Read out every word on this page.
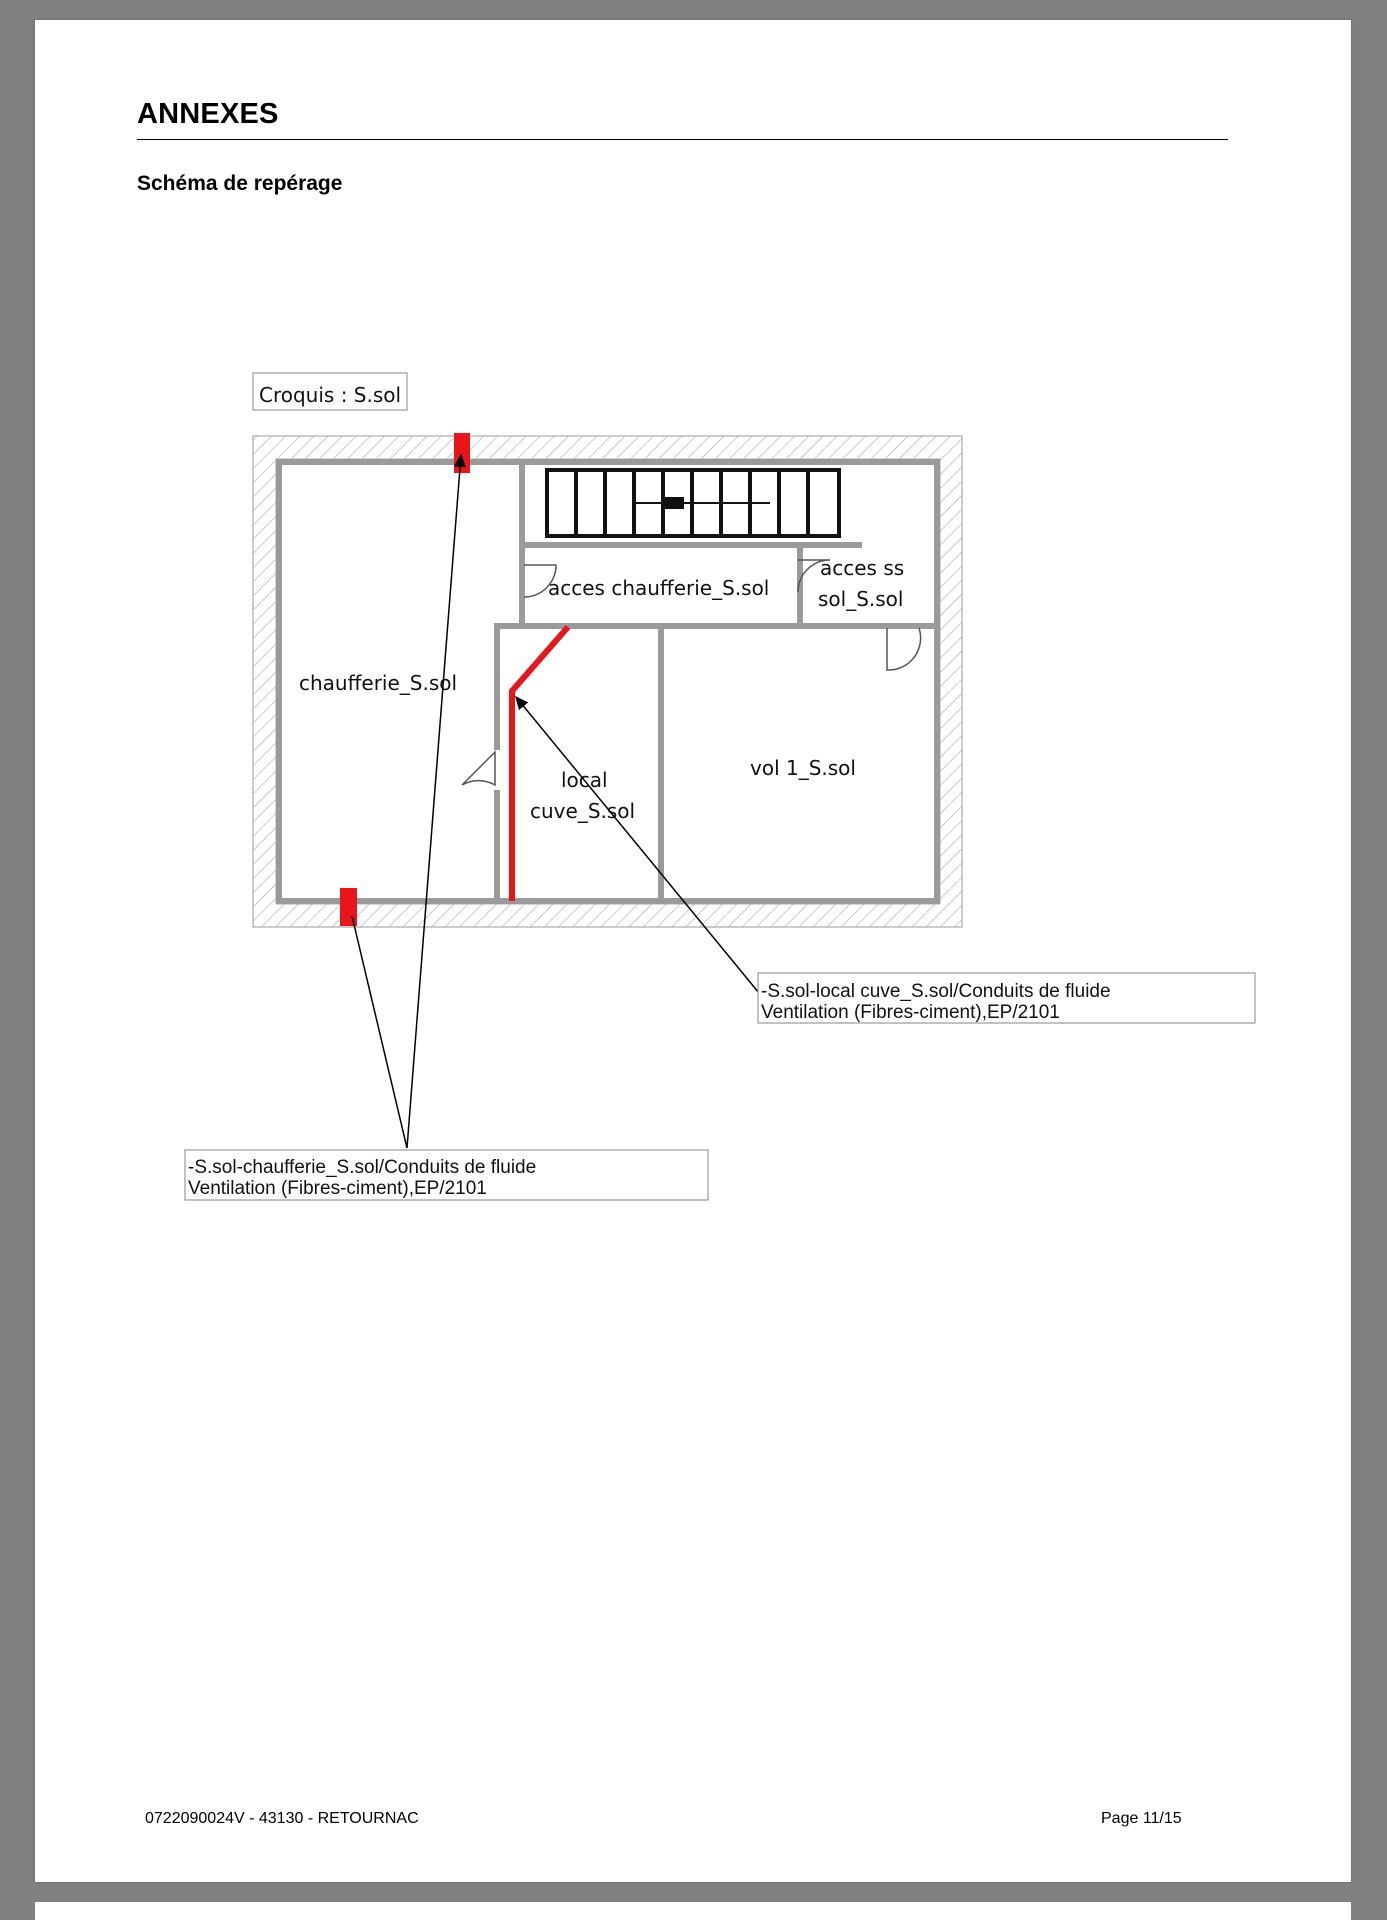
ANNEXES
Schéma de repérage
Croquis : S.sol
chaufferie_S.sol
acces chaufferie_S.sol
acces ss
sol_S.sol
local
cuve_S.sol
vol 1_S.sol
-S.sol-local cuve_S.sol/Conduits de fluide
Ventilation (Fibres-ciment),EP/2101
-S.sol-chaufferie_S.sol/Conduits de fluide
Ventilation (Fibres-ciment),EP/2101
0722090024V - 43130 - RETOURNAC	Page 11/15
